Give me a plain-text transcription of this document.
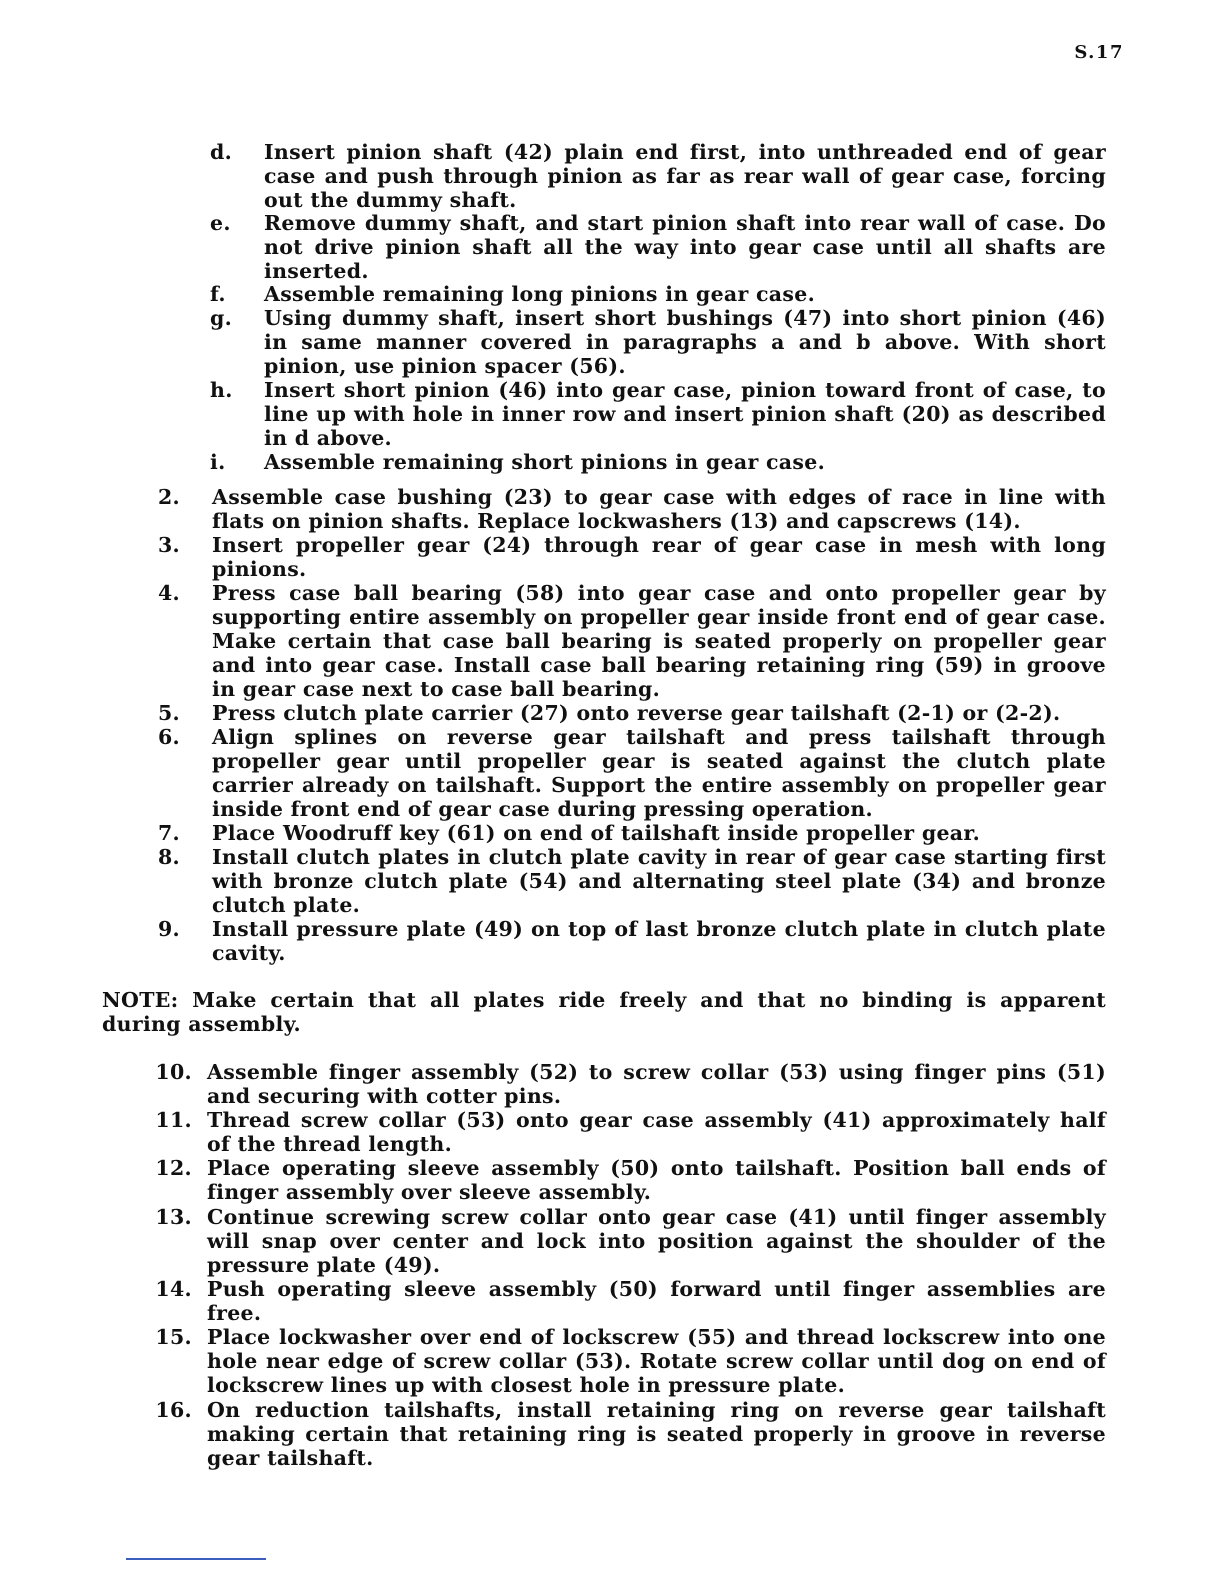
S.17
d. Insert pinion shaft (42) plain end first, into unthreaded end of gear case and push through pinion as far as rear wall of gear case, forcing out the dummy shaft.
e. Remove dummy shaft, and start pinion shaft into rear wall of case. Do not drive pinion shaft all the way into gear case until all shafts are inserted.
f. Assemble remaining long pinions in gear case.
g. Using dummy shaft, insert short bushings (47) into short pinion (46) in same manner covered in paragraphs a and b above. With short pinion, use pinion spacer (56).
h. Insert short pinion (46) into gear case, pinion toward front of case, to line up with hole in inner row and insert pinion shaft (20) as described in d above.
i. Assemble remaining short pinions in gear case.
2. Assemble case bushing (23) to gear case with edges of race in line with flats on pinion shafts. Replace lockwashers (13) and capscrews (14).
3. Insert propeller gear (24) through rear of gear case in mesh with long pinions.
4. Press case ball bearing (58) into gear case and onto propeller gear by supporting entire assembly on propeller gear inside front end of gear case. Make certain that case ball bearing is seated properly on propeller gear and into gear case. Install case ball bearing retaining ring (59) in groove in gear case next to case ball bearing.
5. Press clutch plate carrier (27) onto reverse gear tailshaft (2-1) or (2-2).
6. Align splines on reverse gear tailshaft and press tailshaft through propeller gear until propeller gear is seated against the clutch plate carrier already on tailshaft. Support the entire assembly on propeller gear inside front end of gear case during pressing operation.
7. Place Woodruff key (61) on end of tailshaft inside propeller gear.
8. Install clutch plates in clutch plate cavity in rear of gear case starting first with bronze clutch plate (54) and alternating steel plate (34) and bronze clutch plate.
9. Install pressure plate (49) on top of last bronze clutch plate in clutch plate cavity.
NOTE: Make certain that all plates ride freely and that no binding is apparent during assembly.
10. Assemble finger assembly (52) to screw collar (53) using finger pins (51) and securing with cotter pins.
11. Thread screw collar (53) onto gear case assembly (41) approximately half of the thread length.
12. Place operating sleeve assembly (50) onto tailshaft. Position ball ends of finger assembly over sleeve assembly.
13. Continue screwing screw collar onto gear case (41) until finger assembly will snap over center and lock into position against the shoulder of the pressure plate (49).
14. Push operating sleeve assembly (50) forward until finger assemblies are free.
15. Place lockwasher over end of lockscrew (55) and thread lockscrew into one hole near edge of screw collar (53). Rotate screw collar until dog on end of lockscrew lines up with closest hole in pressure plate.
16. On reduction tailshafts, install retaining ring on reverse gear tailshaft making certain that retaining ring is seated properly in groove in reverse gear tailshaft.
